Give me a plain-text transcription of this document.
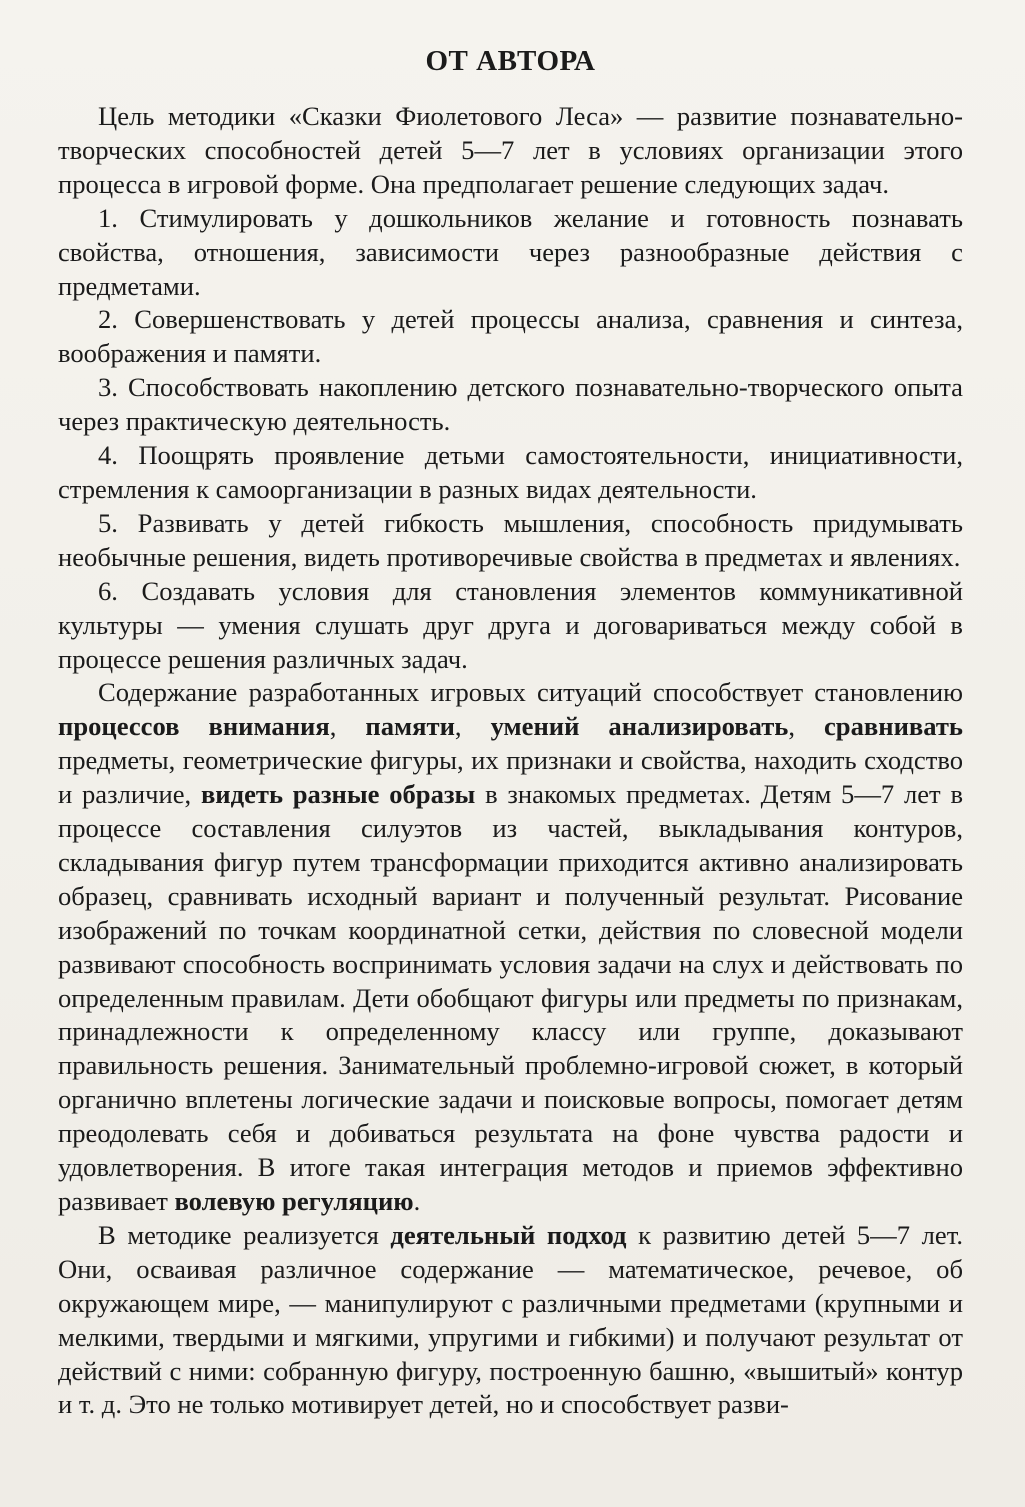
ОТ АВТОРА

Цель методики «Сказки Фиолетового Леса» — развитие познавательно-творческих способностей детей 5—7 лет в условиях организации этого процесса в игровой форме. Она предполагает решение следующих задач.

1. Стимулировать у дошкольников желание и готовность познавать свойства, отношения, зависимости через разнообразные действия с предметами.

2. Совершенствовать у детей процессы анализа, сравнения и синтеза, воображения и памяти.

3. Способствовать накоплению детского познавательно-творческого опыта через практическую деятельность.

4. Поощрять проявление детьми самостоятельности, инициативности, стремления к самоорганизации в разных видах деятельности.

5. Развивать у детей гибкость мышления, способность придумывать необычные решения, видеть противоречивые свойства в предметах и явлениях.

6. Создавать условия для становления элементов коммуникативной культуры — умения слушать друг друга и договариваться между собой в процессе решения различных задач.

Содержание разработанных игровых ситуаций способствует становлению процессов внимания, памяти, умений анализировать, сравнивать предметы, геометрические фигуры, их признаки и свойства, находить сходство и различие, видеть разные образы в знакомых предметах. Детям 5—7 лет в процессе составления силуэтов из частей, выкладывания контуров, складывания фигур путем трансформации приходится активно анализировать образец, сравнивать исходный вариант и полученный результат. Рисование изображений по точкам координатной сетки, действия по словесной модели развивают способность воспринимать условия задачи на слух и действовать по определенным правилам. Дети обобщают фигуры или предметы по признакам, принадлежности к определенному классу или группе, доказывают правильность решения. Занимательный проблемно-игровой сюжет, в который органично вплетены логические задачи и поисковые вопросы, помогает детям преодолевать себя и добиваться результата на фоне чувства радости и удовлетворения. В итоге такая интеграция методов и приемов эффективно развивает волевую регуляцию.

В методике реализуется деятельный подход к развитию детей 5—7 лет. Они, осваивая различное содержание — математическое, речевое, об окружающем мире, — манипулируют с различными предметами (крупными и мелкими, твердыми и мягкими, упругими и гибкими) и получают результат от действий с ними: собранную фигуру, построенную башню, «вышитый» контур и т. д. Это не только мотивирует детей, но и способствует разви-
